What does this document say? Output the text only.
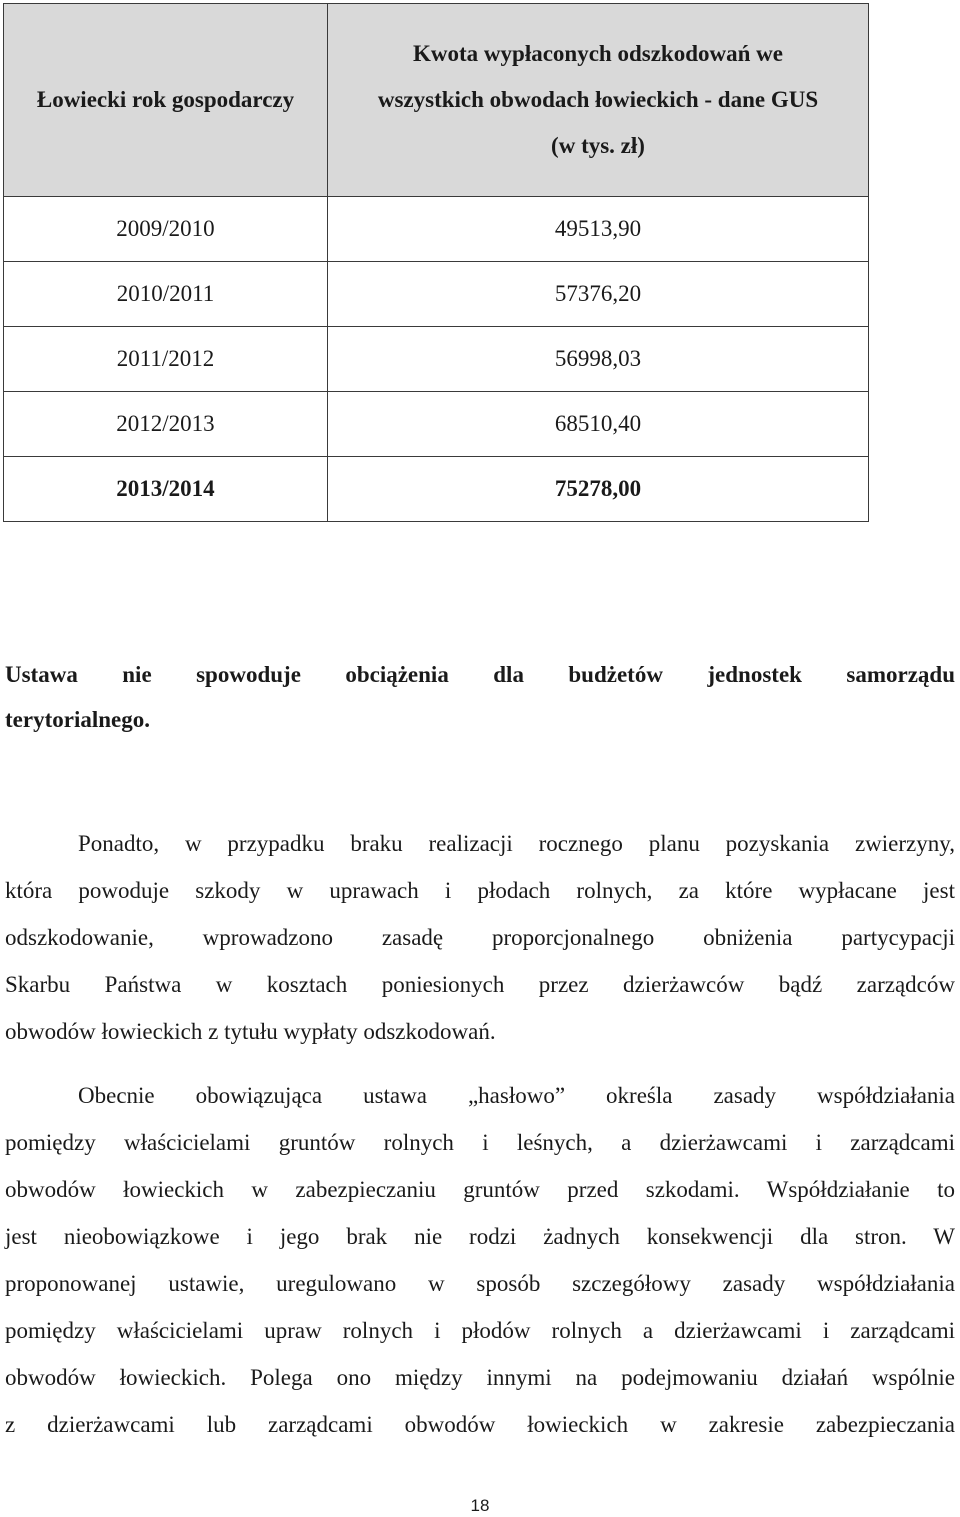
Łowiecki rok gospodarczy	Kwota wypłaconych odszkodowań we
wszystkich obwodach łowieckich - dane GUS
(w tys. zł)

2009/2010	49513,90
2010/2011	57376,20
2011/2012	56998,03
2012/2013	68510,40
2013/2014	75278,00
Ustawa nie spowoduje obciążenia dla budżetów jednostek samorządu
terytorialnego.
Ponadto, w przypadku braku realizacji rocznego planu pozyskania zwierzyny,
która powoduje szkody w uprawach i płodach rolnych, za które wypłacane jest
odszkodowanie, wprowadzono zasadę proporcjonalnego obniżenia partycypacji
Skarbu Państwa w kosztach poniesionych przez dzierżawców bądź zarządców
obwodów łowieckich z tytułu wypłaty odszkodowań.
Obecnie obowiązująca ustawa „hasłowo” określa zasady współdziałania
pomiędzy właścicielami gruntów rolnych i leśnych, a dzierżawcami i zarządcami
obwodów łowieckich w zabezpieczaniu gruntów przed szkodami. Współdziałanie to
jest nieobowiązkowe i jego brak nie rodzi żadnych konsekwencji dla stron. W
proponowanej ustawie, uregulowano w sposób szczegółowy zasady współdziałania
pomiędzy właścicielami upraw rolnych i płodów rolnych a dzierżawcami i zarządcami
obwodów łowieckich. Polega ono między innymi na podejmowaniu działań wspólnie
z dzierżawcami lub zarządcami obwodów łowieckich w zakresie zabezpieczania
18
